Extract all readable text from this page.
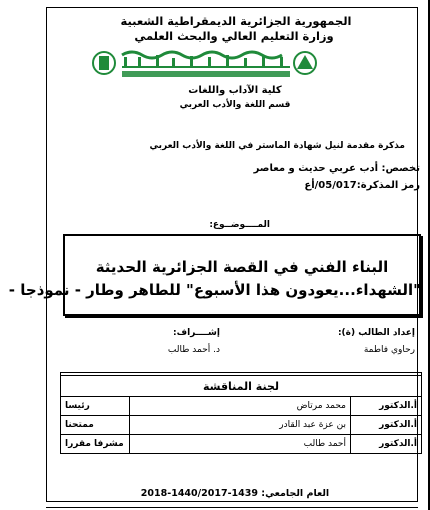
الجمهورية الجزائرية الديمقراطية الشعبية
وزارة التعليم العالي والبحث العلمي
كلية الآداب واللغات
قسم اللغة والأدب العربي
مذكرة مقدمة لنيل شهادة الماستر في اللغة والأدب العربي
تخصص: أدب عربي حديث و معاصر
رمز المذكرة:05/017/أع
المــــوضــوع:
البناء الفني في القصة الجزائرية الحديثة
"الشهداء...يعودون هذا الأسبوع" للطاهر وطار - نموذجا -
إعداد الطالب (ة):
رحاوي فاطمة
إشــــراف:
د. أحمد طالب
لجنة المناقشة		
أ.الدكتور	محمد مرتاض	رئيسا
أ.الدكتور	بن عزة عبد القادر	ممتحنا
أ.الدكتور	أحمد طالب	مشرفا مقررا
العام الجامعي: 1439-1440/2017-2018
